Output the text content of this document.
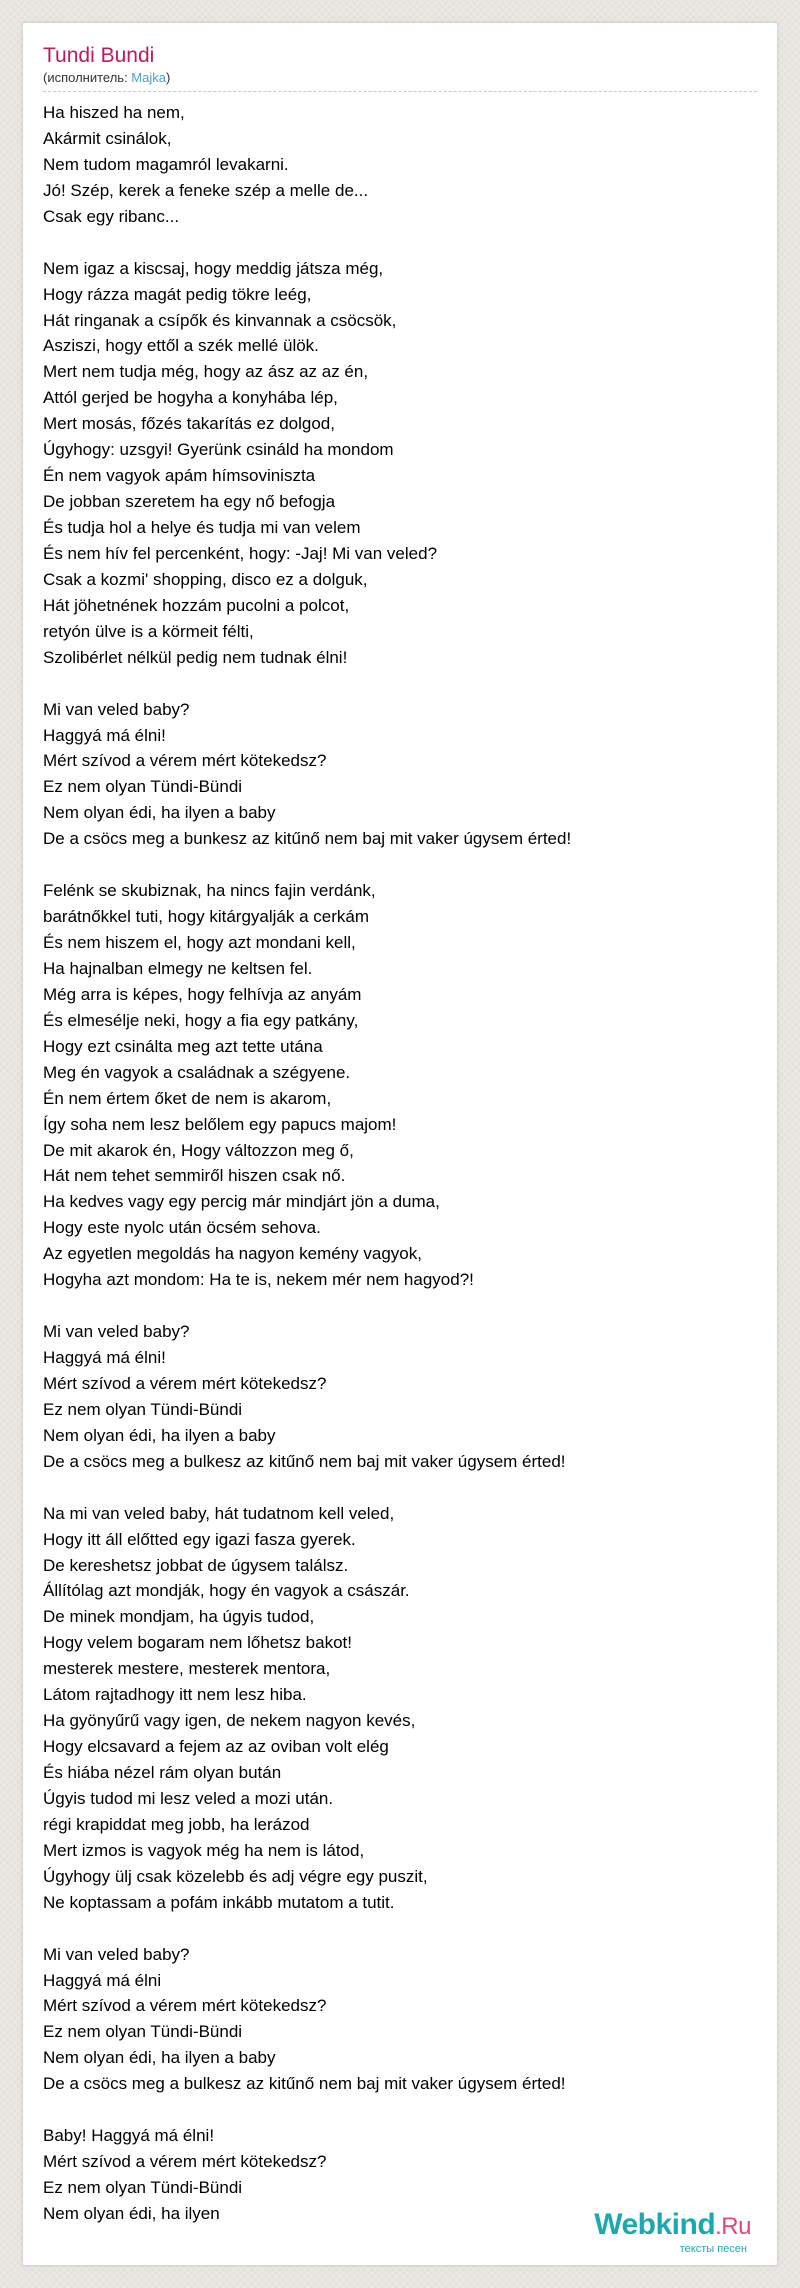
Tundi Bundi
(исполнитель: Majka)
Ha hiszed ha nem,
Akármit csinálok,
Nem tudom magamról levakarni.
Jó! Szép, kerek a feneke szép a melle de...
Csak egy ribanc...
Nem igaz a kiscsaj, hogy meddig játsza még,
Hogy rázza magát pedig tökre leég,
Hát ringanak a csípők és kinvannak a csöcsök,
Asziszi, hogy ettől a szék mellé ülök.
Mert nem tudja még, hogy az ász az az én,
Attól gerjed be hogyha a konyhába lép,
Mert mosás, főzés takarítás ez dolgod,
Úgyhogy: uzsgyi! Gyerünk csináld ha mondom
Én nem vagyok apám hímsoviniszta
De jobban szeretem ha egy nő befogja
És tudja hol a helye és tudja mi van velem
És nem hív fel percenként, hogy: -Jaj! Mi van veled?
Csak a kozmi' shopping, disco ez a dolguk,
Hát jöhetnének hozzám pucolni a polcot,
retyón ülve is a körmeit félti,
Szolibérlet nélkül pedig nem tudnak élni!
Mi van veled baby?
Haggyá má élni!
Mért szívod a vérem mért kötekedsz?
Ez nem olyan Tündi-Bündi
Nem olyan édi, ha ilyen a baby
De a csöcs meg a bunkesz az kitűnő nem baj mit vaker úgysem érted!
Felénk se skubiznak, ha nincs fajin verdánk,
barátnőkkel tuti, hogy kitárgyalják a cerkám
És nem hiszem el, hogy azt mondani kell,
Ha hajnalban elmegy ne keltsen fel.
Még arra is képes, hogy felhívja az anyám
És elmesélje neki, hogy a fia egy patkány,
Hogy ezt csinálta meg azt tette utána
Meg én vagyok a családnak a szégyene.
Én nem értem őket de nem is akarom,
Így soha nem lesz belőlem egy papucs majom!
De mit akarok én, Hogy változzon meg ő,
Hát nem tehet semmiről hiszen csak nő.
Ha kedves vagy egy percig már mindjárt jön a duma,
Hogy este nyolc után öcsém sehova.
Az egyetlen megoldás ha nagyon kemény vagyok,
Hogyha azt mondom: Ha te is, nekem mér nem hagyod?!
Mi van veled baby?
Haggyá má élni!
Mért szívod a vérem mért kötekedsz?
Ez nem olyan Tündi-Bündi
Nem olyan édi, ha ilyen a baby
De a csöcs meg a bulkesz az kitűnő nem baj mit vaker úgysem érted!
Na mi van veled baby, hát tudatnom kell veled,
Hogy itt áll előtted egy igazi fasza gyerek.
De kereshetsz jobbat de úgysem találsz.
Állítólag azt mondják, hogy én vagyok a császár.
De minek mondjam, ha úgyis tudod,
Hogy velem bogaram nem lőhetsz bakot!
mesterek mestere, mesterek mentora,
Látom rajtadhogy itt nem lesz hiba.
Ha gyönyűrű vagy igen, de nekem nagyon kevés,
Hogy elcsavard a fejem az az oviban volt elég
És hiába nézel rám olyan bután
Úgyis tudod mi lesz veled a mozi után.
régi krapiddat meg jobb, ha lerázod
Mert izmos is vagyok még ha nem is látod,
Úgyhogy ülj csak közelebb és adj végre egy puszit,
Ne koptassam a pofám inkább mutatom a tutit.
Mi van veled baby?
Haggyá má élni
Mért szívod a vérem mért kötekedsz?
Ez nem olyan Tündi-Bündi
Nem olyan édi, ha ilyen a baby
De a csöcs meg a bulkesz az kitűnő nem baj mit vaker úgysem érted!
Baby! Haggyá má élni!
Mért szívod a vérem mért kötekedsz?
Ez nem olyan Tündi-Bündi
Nem olyan édi, ha ilyen	Webkind.Ru
тексты песен
